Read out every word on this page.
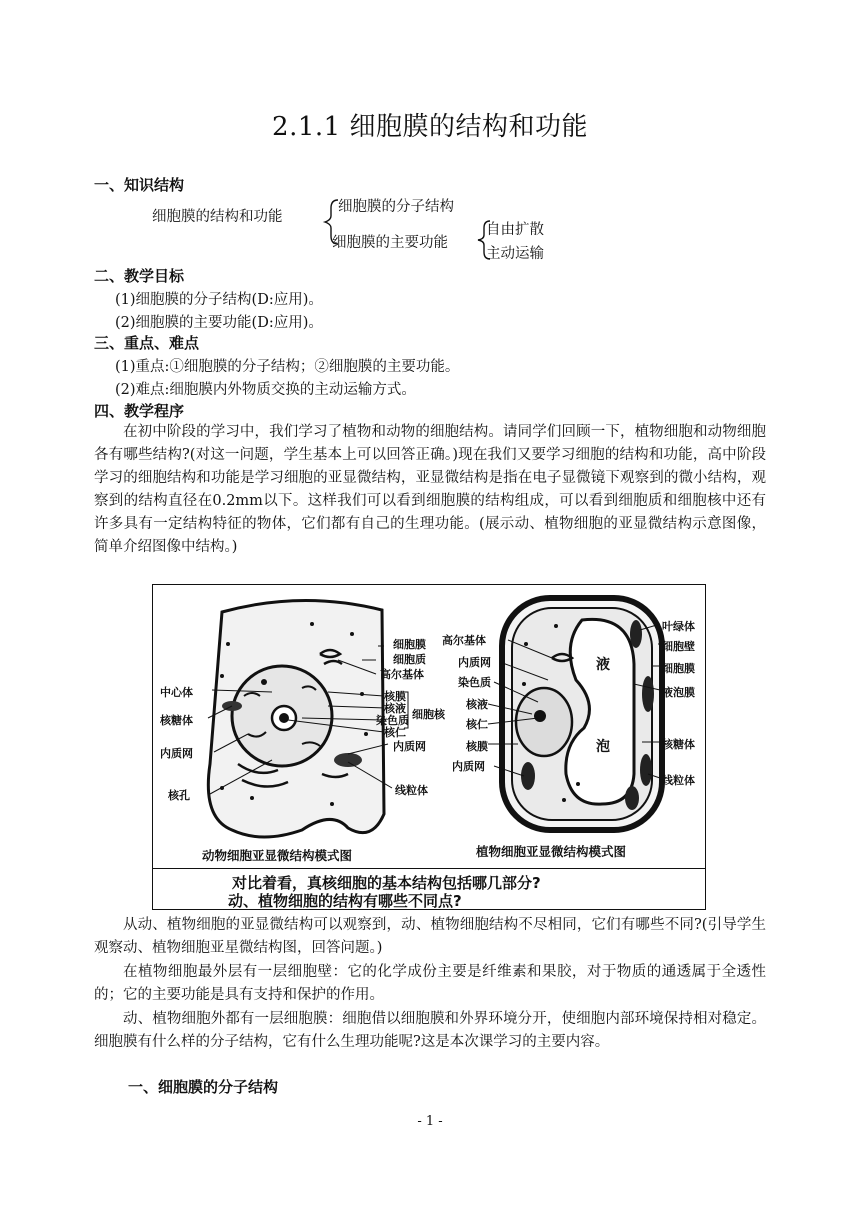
2.1.1 细胞膜的结构和功能
一、知识结构
细胞膜的结构和功能
细胞膜的分子结构
细胞膜的主要功能
自由扩散
主动运输
二、教学目标
(1)细胞膜的分子结构(D:应用)。
(2)细胞膜的主要功能(D:应用)。
三、重点、难点
(1)重点:①细胞膜的分子结构；②细胞膜的主要功能。
(2)难点:细胞膜内外物质交换的主动运输方式。
四、教学程序
在初中阶段的学习中，我们学习了植物和动物的细胞结构。请同学们回顾一下，植物细胞和动物细胞各有哪些结构?(对这一问题，学生基本上可以回答正确。)现在我们又要学习细胞的结构和功能，高中阶段学习的细胞结构和功能是学习细胞的亚显微结构，亚显微结构是指在电子显微镜下观察到的微小结构，观察到的结构直径在0.2mm以下。这样我们可以看到细胞膜的结构组成，可以看到细胞质和细胞核中还有许多具有一定结构特征的物体，它们都有自己的生理功能。(展示动、植物细胞的亚显微结构示意图像，简单介绍图像中结构。)
细胞膜
细胞质
高尔基体
中心体
核糖体
内质网
核孔
核膜
核液
染色质
核仁
细胞核
内质网
线粒体
高尔基体
内质网
染色质
核液
核仁
核膜
内质网
液
泡
叶绿体
细胞壁
细胞膜
液泡膜
核糖体
线粒体
动物细胞亚显微结构模式图	植物细胞亚显微结构模式图
对比着看，真核细胞的基本结构包括哪几部分?
动、植物细胞的结构有哪些不同点?
从动、植物细胞的亚显微结构可以观察到，动、植物细胞结构不尽相同，它们有哪些不同?(引导学生观察动、植物细胞亚星微结构图，回答问题。)
在植物细胞最外层有一层细胞壁：它的化学成份主要是纤维素和果胶，对于物质的通透属于全透性的；它的主要功能是具有支持和保护的作用。
动、植物细胞外都有一层细胞膜：细胞借以细胞膜和外界环境分开，使细胞内部环境保持相对稳定。细胞膜有什么样的分子结构，它有什么生理功能呢?这是本次课学习的主要内容。
一、细胞膜的分子结构
- 1 -
